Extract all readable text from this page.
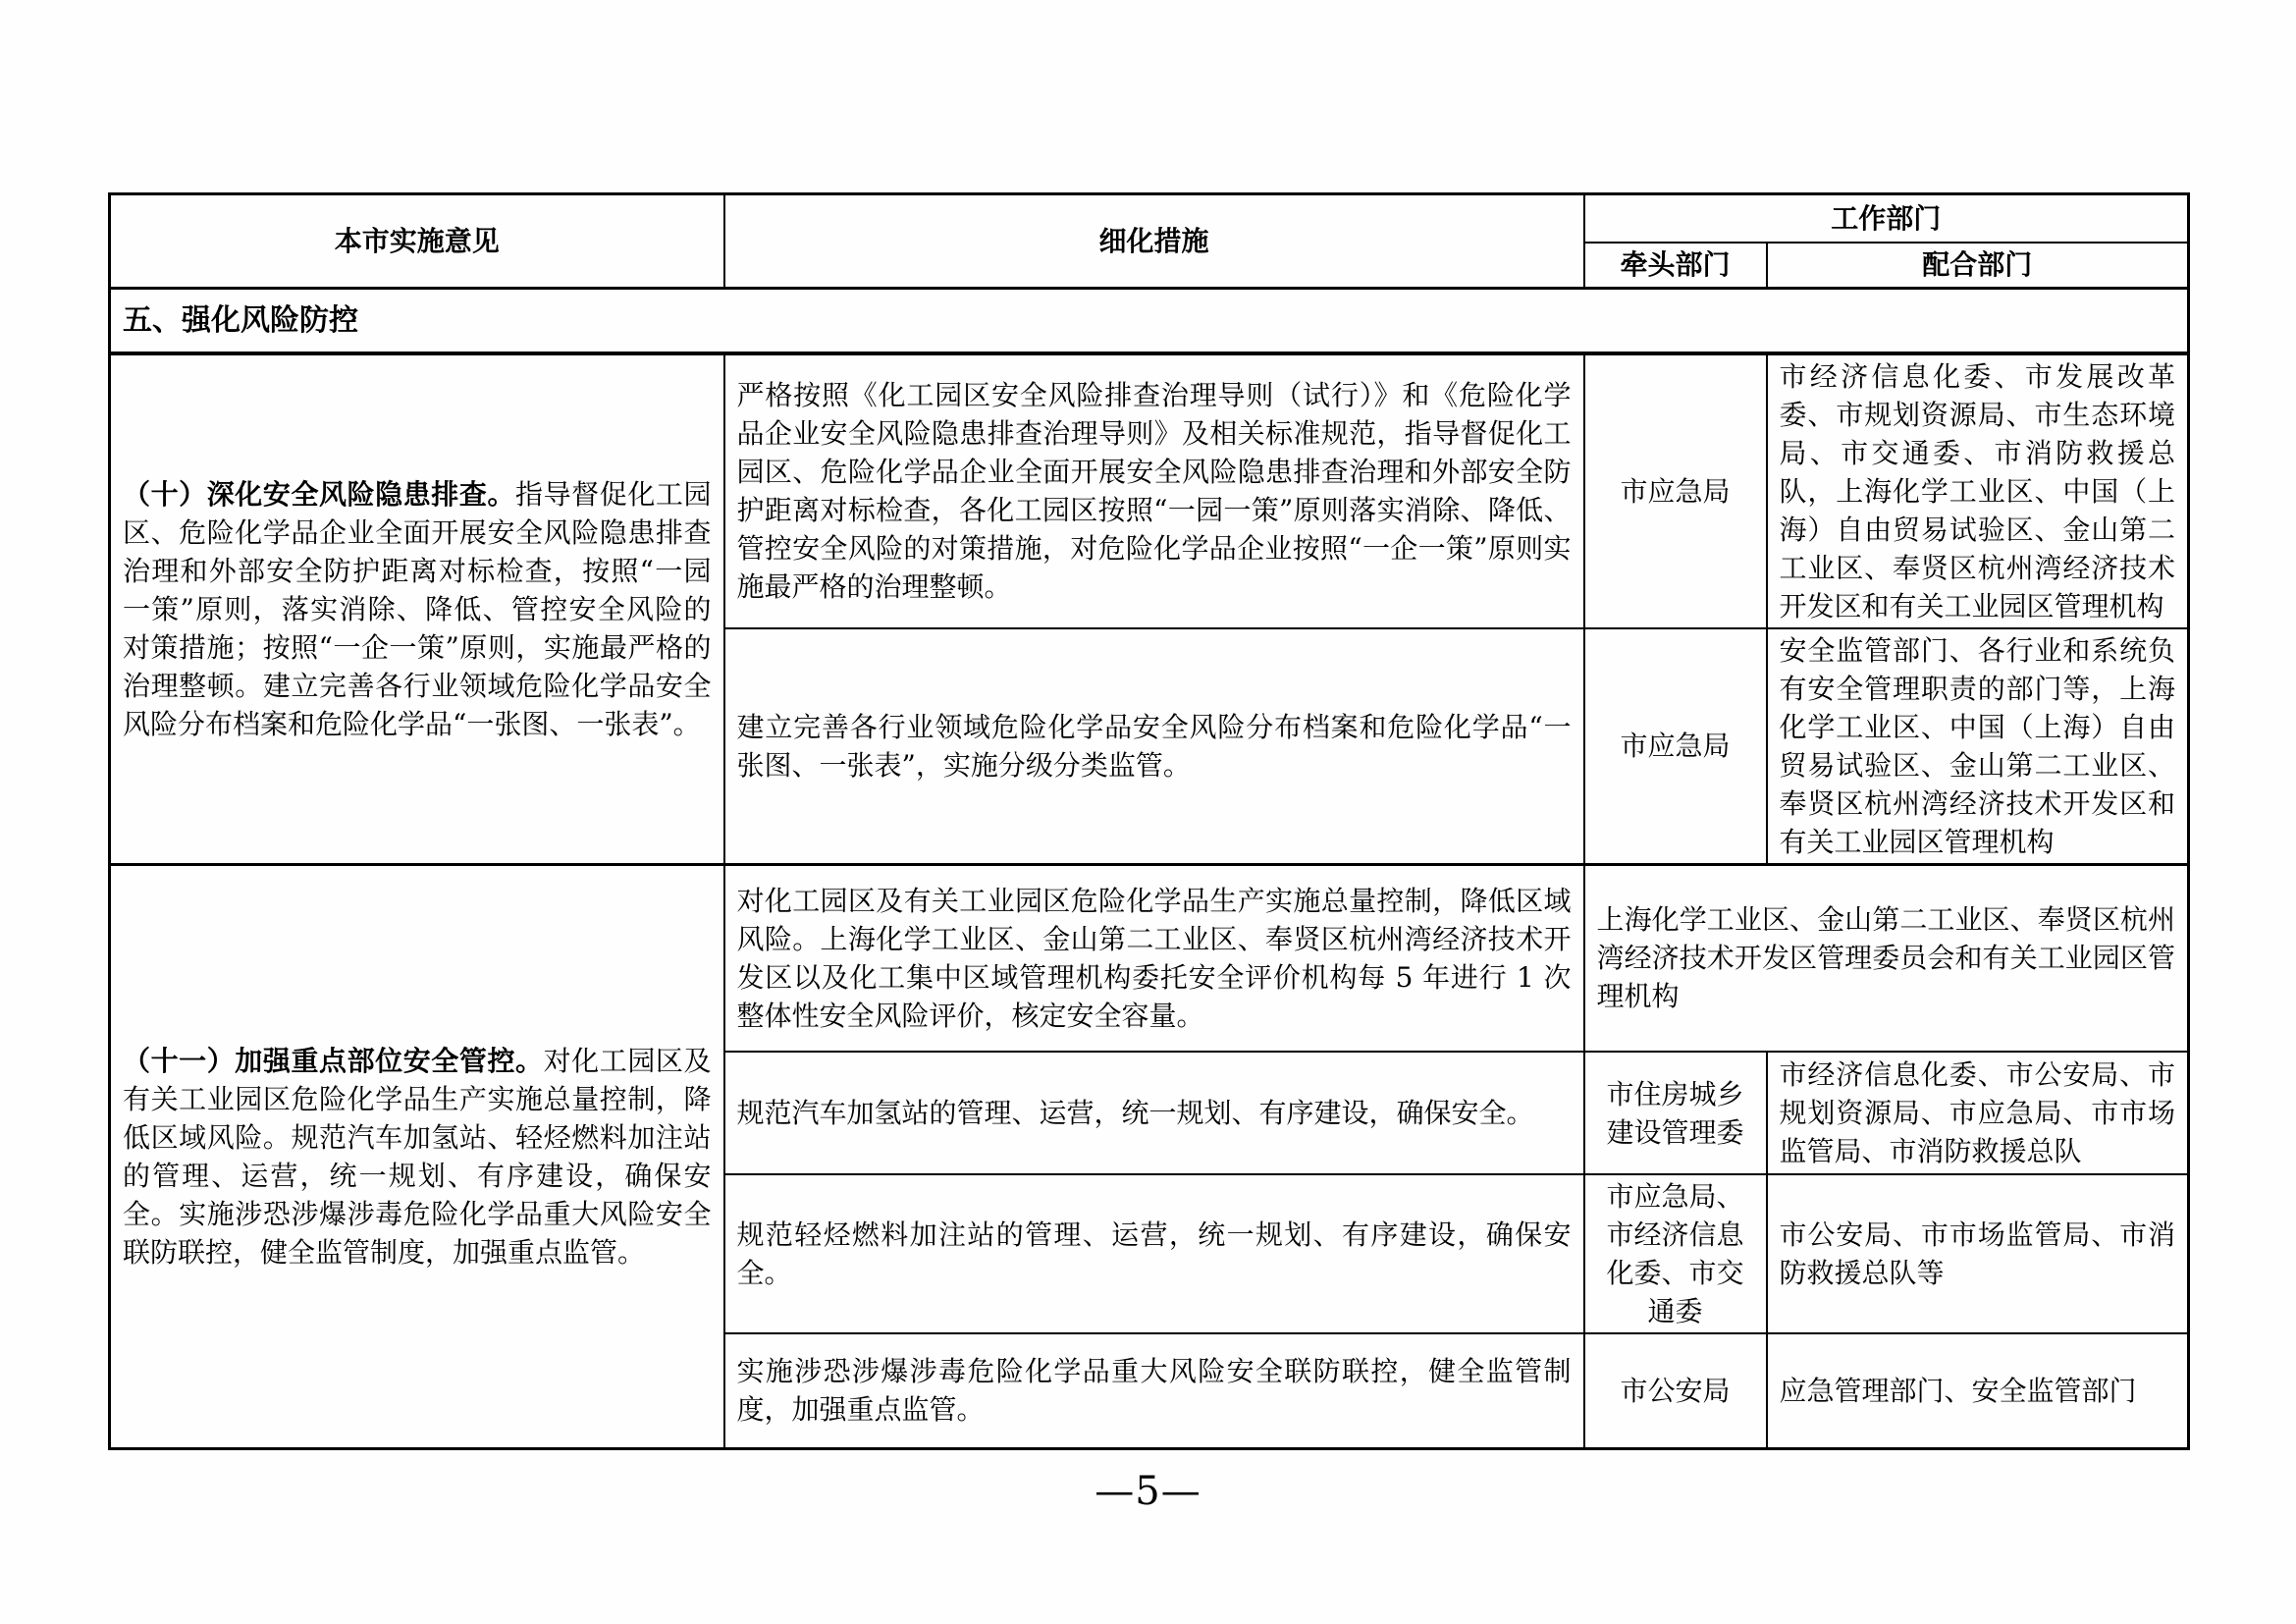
本市实施意见	细化措施	工作部门	
		牵头部门	配合部门
五、强化风险防控			
（十）深化安全风险隐患排查。指导督促化工园区、危险化学品企业全面开展安全风险隐患排查治理和外部安全防护距离对标检查，按照“一园一策”原则，落实消除、降低、管控安全风险的对策措施；按照“一企一策”原则，实施最严格的治理整顿。建立完善各行业领域危险化学品安全风险分布档案和危险化学品“一张图、一张表”。	严格按照《化工园区安全风险排查治理导则（试行）》和《危险化学品企业安全风险隐患排查治理导则》及相关标准规范，指导督促化工园区、危险化学品企业全面开展安全风险隐患排查治理和外部安全防护距离对标检查，各化工园区按照“一园一策”原则落实消除、降低、管控安全风险的对策措施，对危险化学品企业按照“一企一策”原则实施最严格的治理整顿。	市应急局	市经济信息化委、市发展改革委、市规划资源局、市生态环境局、市交通委、市消防救援总队，上海化学工业区、中国（上海）自由贸易试验区、金山第二工业区、奉贤区杭州湾经济技术开发区和有关工业园区管理机构
	建立完善各行业领域危险化学品安全风险分布档案和危险化学品“一张图、一张表”，实施分级分类监管。	市应急局	安全监管部门、各行业和系统负有安全管理职责的部门等，上海化学工业区、中国（上海）自由贸易试验区、金山第二工业区、奉贤区杭州湾经济技术开发区和有关工业园区管理机构
（十一）加强重点部位安全管控。对化工园区及有关工业园区危险化学品生产实施总量控制，降低区域风险。规范汽车加氢站、轻烃燃料加注站的管理、运营，统一规划、有序建设，确保安全。实施涉恐涉爆涉毒危险化学品重大风险安全联防联控，健全监管制度，加强重点监管。	对化工园区及有关工业园区危险化学品生产实施总量控制，降低区域风险。上海化学工业区、金山第二工业区、奉贤区杭州湾经济技术开发区以及化工集中区域管理机构委托安全评价机构每 5 年进行 1 次整体性安全风险评价，核定安全容量。	上海化学工业区、金山第二工业区、奉贤区杭州湾经济技术开发区管理委员会和有关工业园区管理机构	
	规范汽车加氢站的管理、运营，统一规划、有序建设，确保安全。	市住房城乡建设管理委	市经济信息化委、市公安局、市规划资源局、市应急局、市市场监管局、市消防救援总队
	规范轻烃燃料加注站的管理、运营，统一规划、有序建设，确保安全。	市应急局、市经济信息化委、市交通委	市公安局、市市场监管局、市消防救援总队等
	实施涉恐涉爆涉毒危险化学品重大风险安全联防联控，健全监管制度，加强重点监管。	市公安局	应急管理部门、安全监管部门
—5—
